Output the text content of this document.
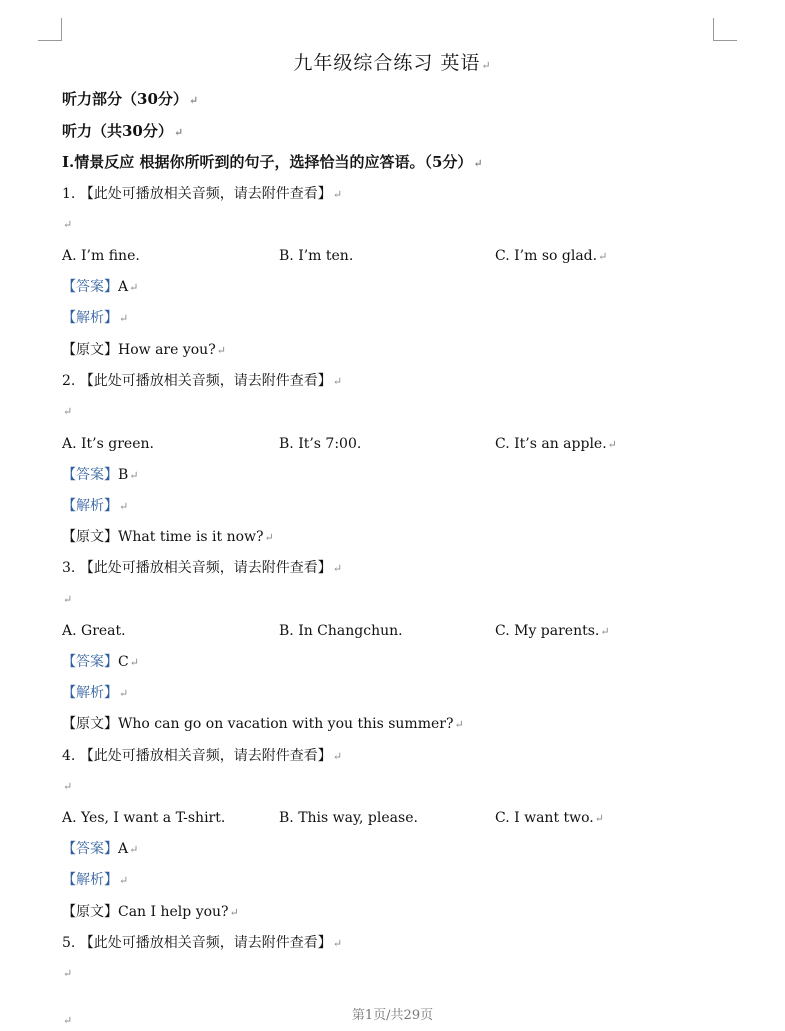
九年级综合练习 英语↵
听力部分（30分）↵
听力（共30分）↵
Ⅰ.情景反应 根据你所听到的句子，选择恰当的应答语。（5分）↵
1. 【此处可播放相关音频，请去附件查看】↵
↵
A. I’m fine.	B. I’m ten.	C. I’m so glad.↵
【答案】A↵
【解析】↵
【原文】How are you?↵
2. 【此处可播放相关音频，请去附件查看】↵
↵
A. It’s green.	B. It’s 7:00.	C. It’s an apple.↵
【答案】B↵
【解析】↵
【原文】What time is it now?↵
3. 【此处可播放相关音频，请去附件查看】↵
↵
A. Great.	B. In Changchun.	C. My parents.↵
【答案】C↵
【解析】↵
【原文】Who can go on vacation with you this summer?↵
4. 【此处可播放相关音频，请去附件查看】↵
↵
A. Yes, I want a T-shirt.	B. This way, please.	C. I want two.↵
【答案】A↵
【解析】↵
【原文】Can I help you?↵
5. 【此处可播放相关音频，请去附件查看】↵
↵
第1页/共29页
↵
